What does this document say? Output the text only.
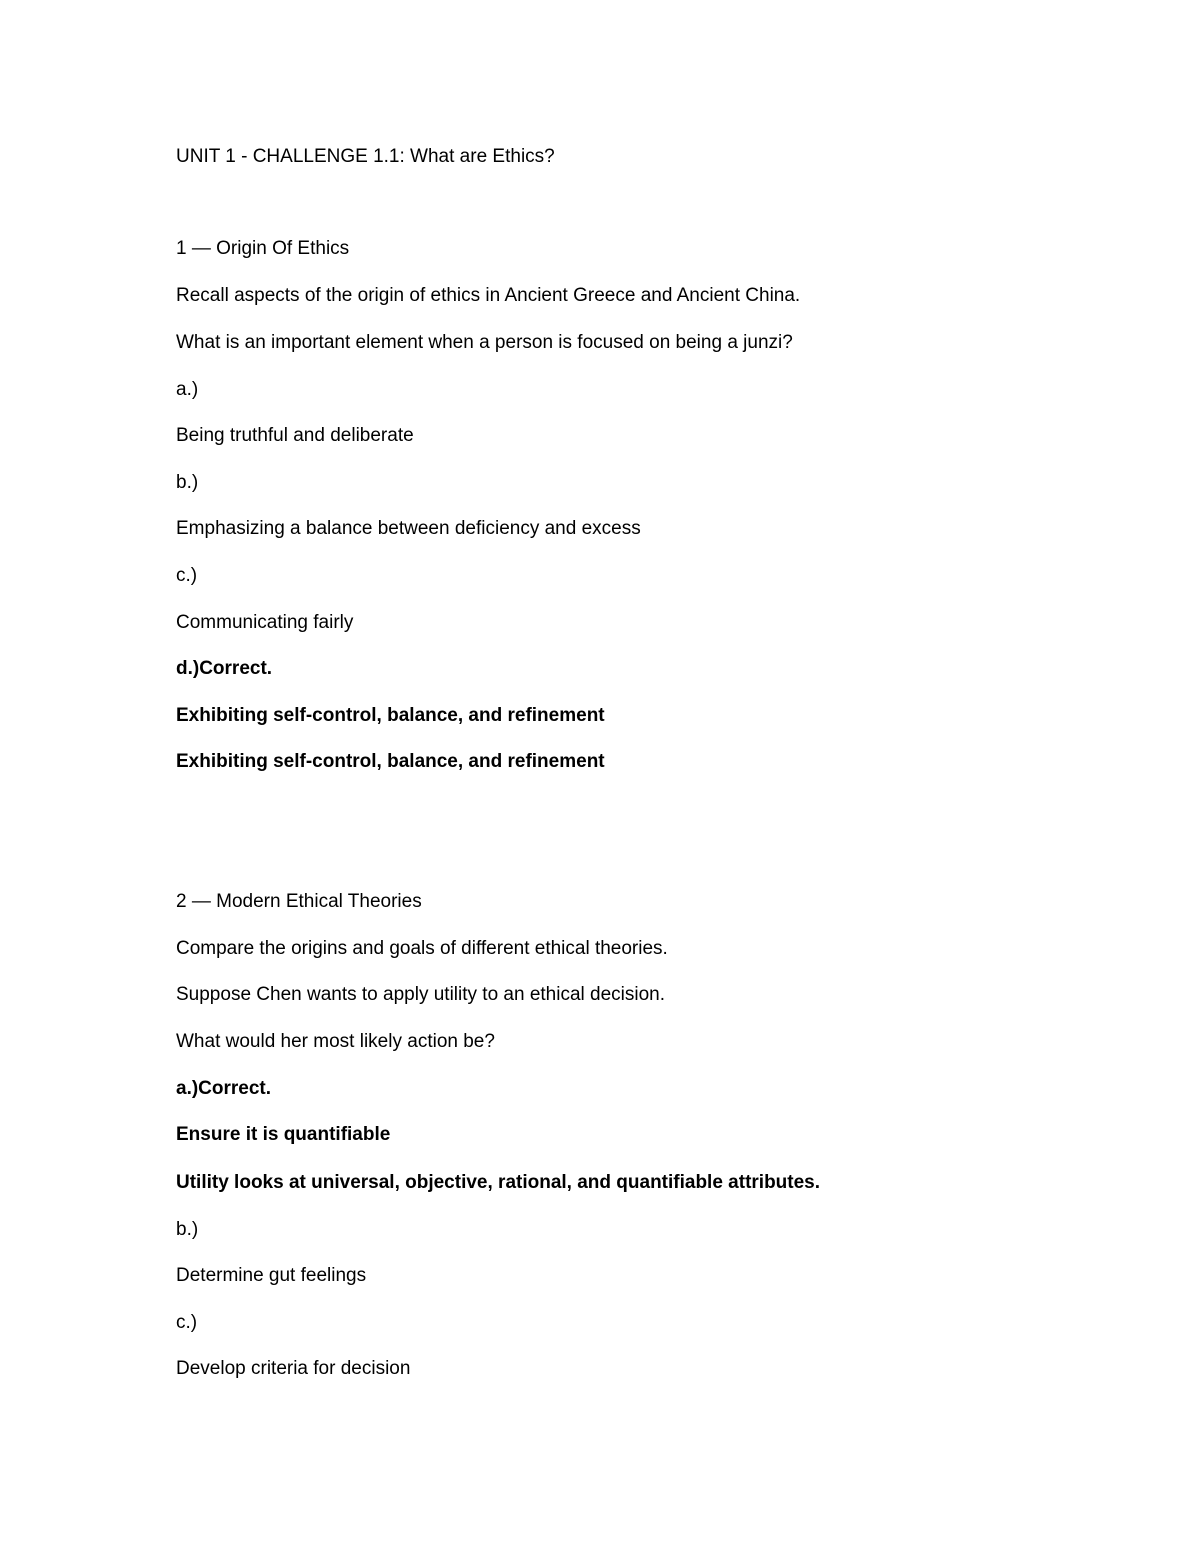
UNIT 1 - CHALLENGE 1.1: What are Ethics?
1 — Origin Of Ethics
Recall aspects of the origin of ethics in Ancient Greece and Ancient China.
What is an important element when a person is focused on being a junzi?
a.)
Being truthful and deliberate
b.)
Emphasizing a balance between deficiency and excess
c.)
Communicating fairly
d.)Correct.
Exhibiting self-control, balance, and refinement
Exhibiting self-control, balance, and refinement
2 — Modern Ethical Theories
Compare the origins and goals of different ethical theories.
Suppose Chen wants to apply utility to an ethical decision.
What would her most likely action be?
a.)Correct.
Ensure it is quantifiable
Utility looks at universal, objective, rational, and quantifiable attributes.
b.)
Determine gut feelings
c.)
Develop criteria for decision
